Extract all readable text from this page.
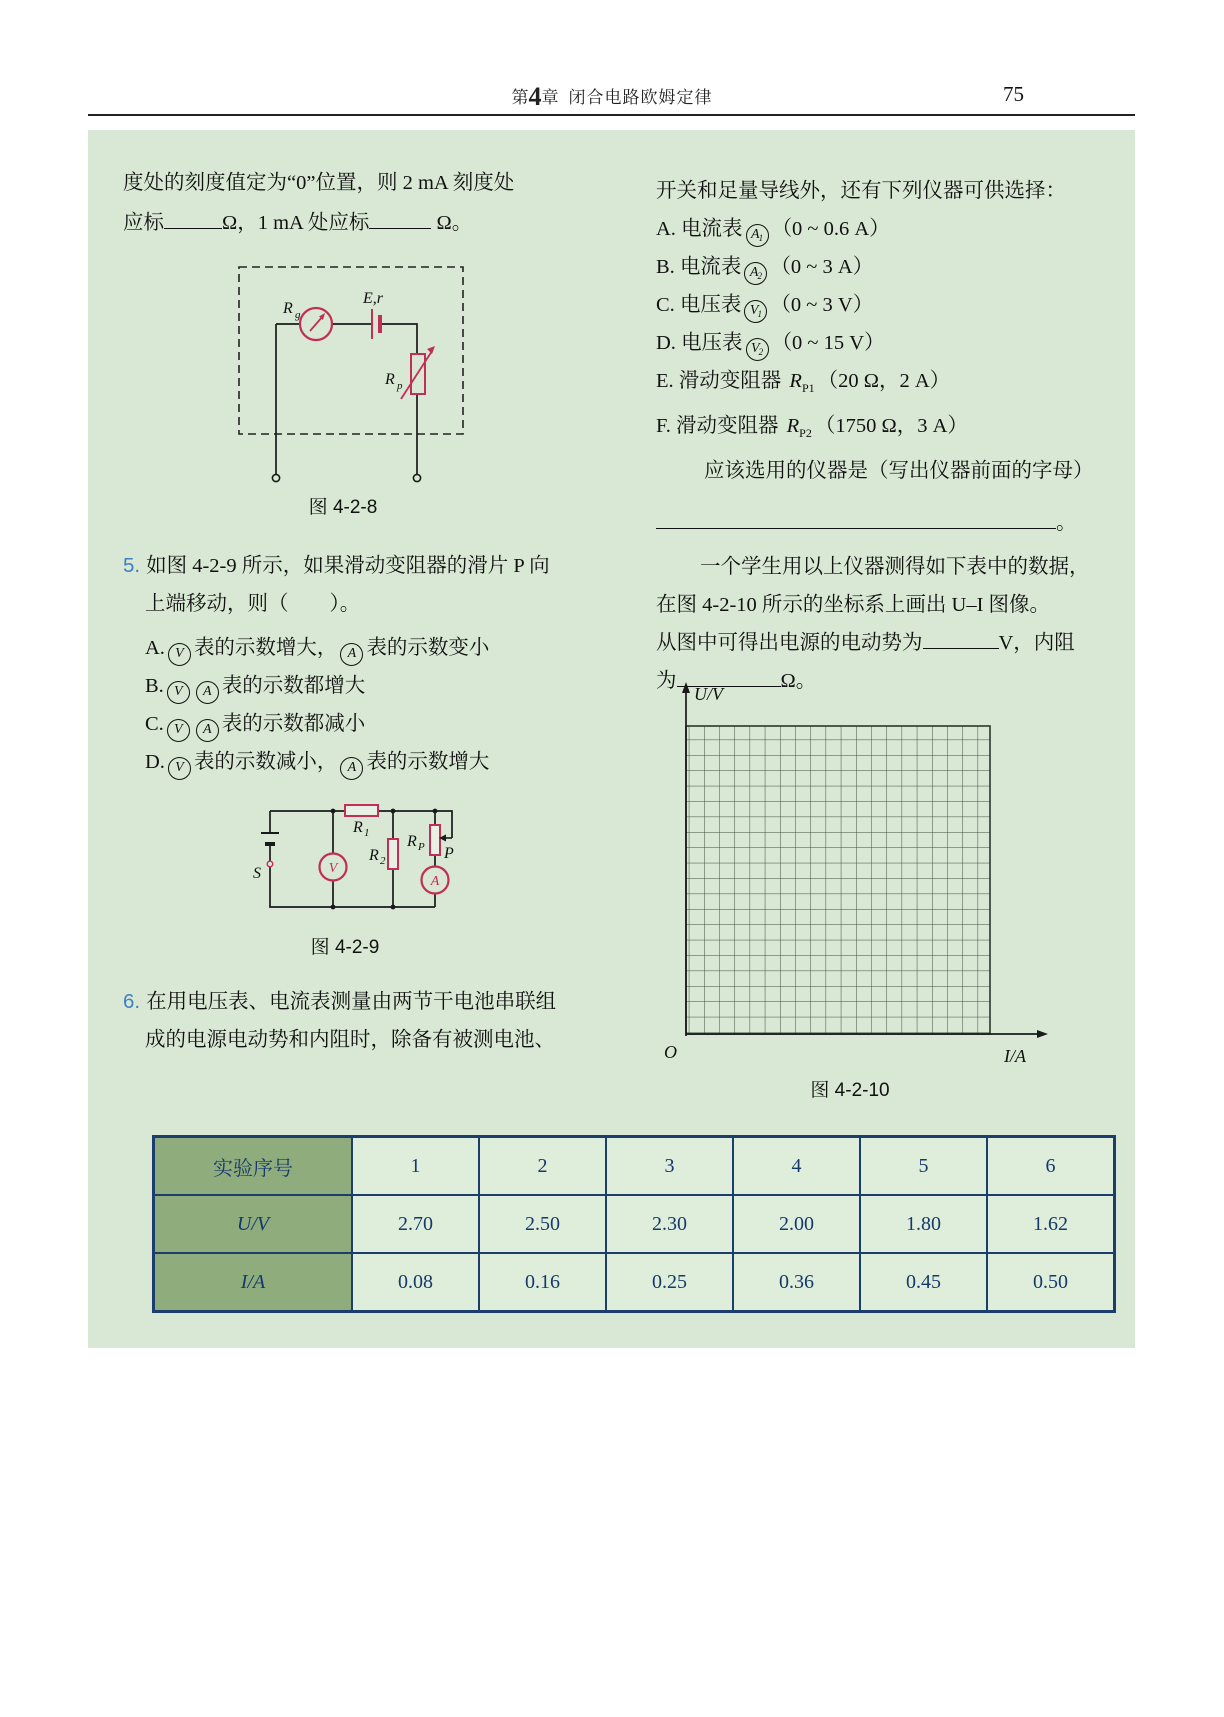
第4章 闭合电路欧姆定律	75
度处的刻度值定为“0”位置，则 2 mA 刻度处
应标	Ω，1 mA 处应标	Ω。
R g
E,r
R p
图 4-2-8
5. 如图 4-2-9 所示，如果滑动变阻器的滑片 P 向
上端移动，则（　　）。
A. V 表的示数增大， A 表的示数变小
B. V A 表的示数都增大
C. V A 表的示数都减小
D. V 表的示数减小， A 表的示数增大
V
A
R 1
R 2
R P P
S
图 4-2-9
6. 在用电压表、电流表测量由两节干电池串联组
成的电源电动势和内阻时，除备有被测电池、
开关和足量导线外，还有下列仪器可供选择：
A. 电流表 $A_1$ （0 ~ 0.6 A）
B. 电流表 $A_2$ （0 ~ 3 A）
C. 电压表 $V_1$ （0 ~ 3 V）
D. 电压表 $V_2$ （0 ~ 15 V）
E. 滑动变阻器 $R_{P1}$ （20 Ω，2 A）
F. 滑动变阻器 $R_{P2}$ （1750 Ω，3 A）
应该选用的仪器是（写出仪器前面的字母）
。
一个学生用以上仪器测得如下表中的数据，
在图 4-2-10 所示的坐标系上画出 U–I 图像。
从图中可得出电源的电动势为	V，内阻
为	Ω。
U/V
O	I/A
图 4-2-10
实验序号	1	2	3	4	5	6
U/V	2.70	2.50	2.30	2.00	1.80	1.62
I/A	0.08	0.16	0.25	0.36	0.45	0.50
